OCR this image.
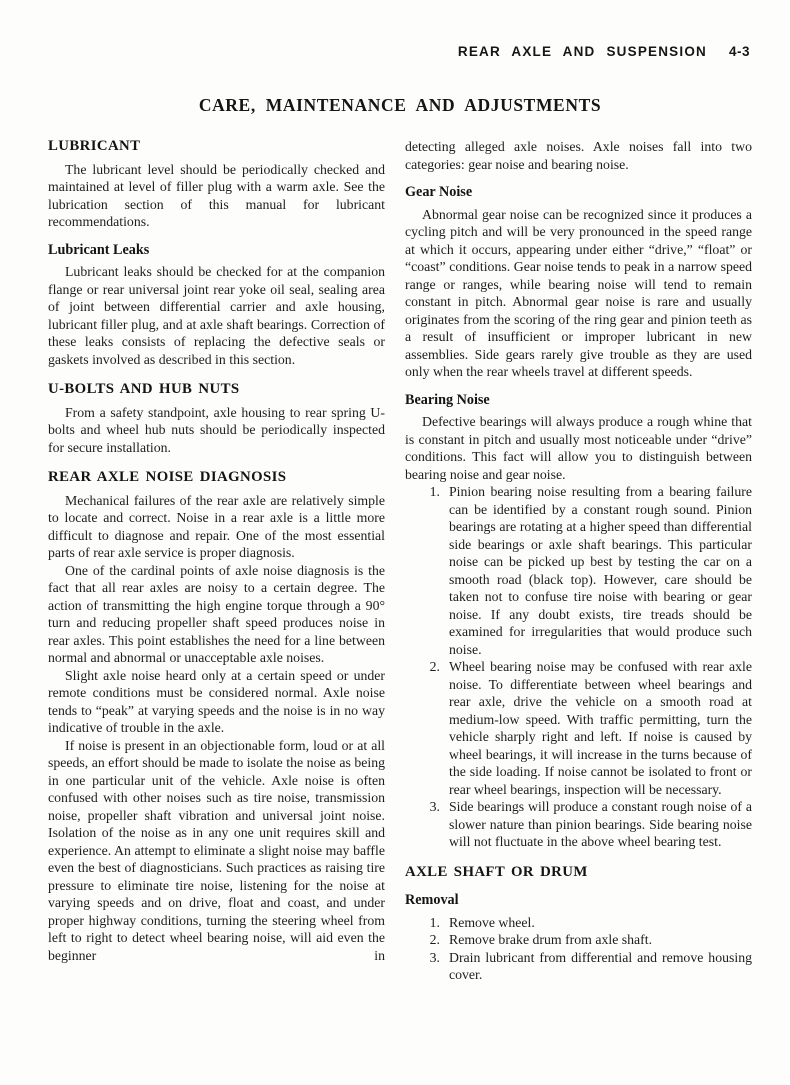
REAR AXLE AND SUSPENSION 4-3
CARE, MAINTENANCE AND ADJUSTMENTS
LUBRICANT

The lubricant level should be periodically checked and maintained at level of filler plug with a warm axle. See the lubrication section of this manual for lubricant recommendations.

Lubricant Leaks

Lubricant leaks should be checked for at the companion flange or rear universal joint rear yoke oil seal, sealing area of joint between differential carrier and axle housing, lubricant filler plug, and at axle shaft bearings. Correction of these leaks consists of replacing the defective seals or gaskets involved as described in this section.

U-BOLTS AND HUB NUTS

From a safety standpoint, axle housing to rear spring U-bolts and wheel hub nuts should be periodically inspected for secure installation.

REAR AXLE NOISE DIAGNOSIS

Mechanical failures of the rear axle are relatively simple to locate and correct. Noise in a rear axle is a little more difficult to diagnose and repair. One of the most essential parts of rear axle service is proper diagnosis.

One of the cardinal points of axle noise diagnosis is the fact that all rear axles are noisy to a certain degree. The action of transmitting the high engine torque through a 90° turn and reducing propeller shaft speed produces noise in rear axles. This point establishes the need for a line between normal and abnormal or unacceptable axle noises.

Slight axle noise heard only at a certain speed or under remote conditions must be considered normal. Axle noise tends to “peak” at varying speeds and the noise is in no way indicative of trouble in the axle.

If noise is present in an objectionable form, loud or at all speeds, an effort should be made to isolate the noise as being in one particular unit of the vehicle. Axle noise is often confused with other noises such as tire noise, transmission noise, propeller shaft vibration and universal joint noise. Isolation of the noise as in any one unit requires skill and experience. An attempt to eliminate a slight noise may baffle even the best of diagnosticians. Such practices as raising tire pressure to eliminate tire noise, listening for the noise at varying speeds and on drive, float and coast, and under proper highway conditions, turning the steering wheel from left to right to detect wheel bearing noise, will aid even the beginner in

detecting alleged axle noises. Axle noises fall into two categories: gear noise and bearing noise.

Gear Noise

Abnormal gear noise can be recognized since it produces a cycling pitch and will be very pronounced in the speed range at which it occurs, appearing under either “drive,” “float” or “coast” conditions. Gear noise tends to peak in a narrow speed range or ranges, while bearing noise will tend to remain constant in pitch. Abnormal gear noise is rare and usually originates from the scoring of the ring gear and pinion teeth as a result of insufficient or improper lubricant in new assemblies. Side gears rarely give trouble as they are used only when the rear wheels travel at different speeds.

Bearing Noise

Defective bearings will always produce a rough whine that is constant in pitch and usually most noticeable under “drive” conditions. This fact will allow you to distinguish between bearing noise and gear noise.

1. Pinion bearing noise resulting from a bearing failure can be identified by a constant rough sound. Pinion bearings are rotating at a higher speed than differential side bearings or axle shaft bearings. This particular noise can be picked up best by testing the car on a smooth road (black top). However, care should be taken not to confuse tire noise with bearing or gear noise. If any doubt exists, tire treads should be examined for irregularities that would produce such noise.
2. Wheel bearing noise may be confused with rear axle noise. To differentiate between wheel bearings and rear axle, drive the vehicle on a smooth road at medium-low speed. With traffic permitting, turn the vehicle sharply right and left. If noise is caused by wheel bearings, it will increase in the turns because of the side loading. If noise cannot be isolated to front or rear wheel bearings, inspection will be necessary.
3. Side bearings will produce a constant rough noise of a slower nature than pinion bearings. Side bearing noise will not fluctuate in the above wheel bearing test.
AXLE SHAFT OR DRUM
Removal
1. Remove wheel.
2. Remove brake drum from axle shaft.
3. Drain lubricant from differential and remove housing cover.
